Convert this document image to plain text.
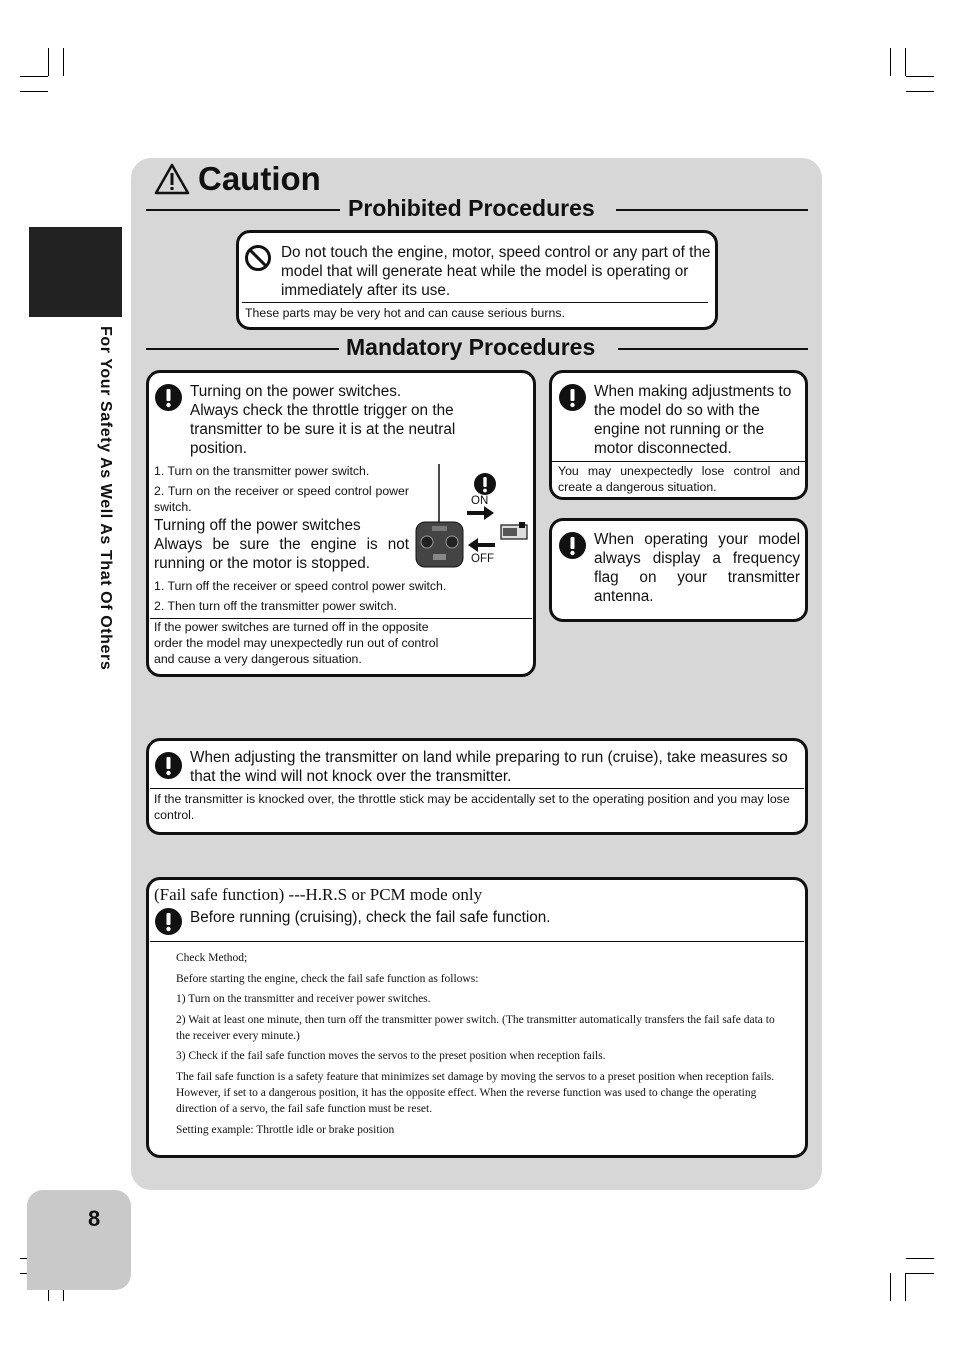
For Your Safety As Well As That Of Others
8
Caution
Prohibited Procedures
Do not touch the engine, motor, speed control or any part of the model that will generate heat while the model is operating or immediately after its use.
These parts may be very hot and can cause serious burns.
Mandatory Procedures
Turning on the power switches.
Always check the throttle trigger on the transmitter to be sure it is at the neutral position.
1. Turn on the transmitter power switch.
2. Turn on the receiver or speed control power switch.
Turning off the power switches
Always be sure the engine is not running or the motor is stopped.
1. Turn off the receiver or speed control power switch.
2. Then turn off the transmitter power switch.
If the power switches are turned off in the opposite order the model may unexpectedly run out of control and cause a very dangerous situation.
ON
OFF
When making adjustments to the model do so with the engine not running or the motor disconnected.
You may unexpectedly lose control and create a dangerous situation.
When operating your model always display a frequency flag on your transmitter antenna.
When adjusting the transmitter on land while preparing to run (cruise), take measures so that the wind will not knock over the transmitter.
If the transmitter is knocked over, the throttle stick may be accidentally set to the operating position and you may lose control.
(Fail safe function) ---H.R.S or PCM mode only
Before running (cruising), check the fail safe function.
Check Method;
Before starting the engine, check the fail safe function as follows:
1) Turn on the transmitter and receiver power switches.
2) Wait at least one minute, then turn off the transmitter power switch. (The transmitter automatically transfers the fail safe data to the receiver every minute.)
3) Check if the fail safe function moves the servos to the preset position when reception fails.
The fail safe function is a safety feature that minimizes set damage by moving the servos to a preset position when reception fails. However, if set to a dangerous position, it has the opposite effect. When the reverse function was used to change the operating direction of a servo, the fail safe function must be reset.
Setting example: Throttle idle or brake position
